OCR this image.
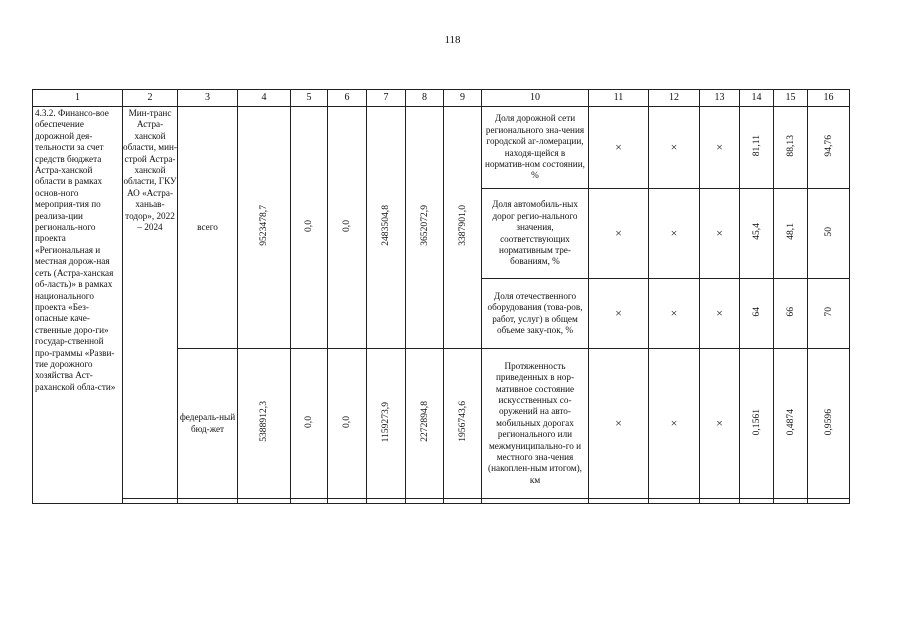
118
1	2	3	4	5	6	7	8	9	10	11	12	13	14	15	16
4.3.2. Финансо-вое обеспечение дорожной дея-тельности за счет средств бюджета Астра-ханской области в рамках основ-ного мероприя-тия по реализа-ции региональ-ного проекта «Региональная и местная дорож-ная сеть (Астра-ханская об-ласть)» в рамках национального проекта «Без-опасные каче-ственные доро-ги» государ-ственной про-граммы «Разви-тие дорожного хозяйства Аст-раханской обла-сти»	Мин-транс Астра-ханской области, мин-строй Астра-ханской области, ГКУ АО «Астра-ханьав-тодор», 2022 – 2024	всего	9523478,7	0,0	0,0	2483504,8	3652072,9	3387901,0	Доля дорожной сети регионального зна-чения городской аг-ломерации, находя-щейся в норматив-ном состоянии, %	×	×	×	81,11	88,13	94,76
									Доля автомобиль-ных дорог регио-нального значения, соответствующих нормативным тре-бованиям, %	×	×	×	45,4	48,1	50
									Доля отечественного оборудования (това-ров, работ, услуг) в общем объеме заку-пок, %	×	×	×	64	66	70
		федераль-ный бюд-жет	5388912,3	0,0	0,0	1159273,9	2272894,8	1956743,6	Протяженность приведенных в нор-мативное состояние искусственных со-оружений на авто-мобильных дорогах регионального или межмуниципально-го и местного зна-чения (накоплен-ным итогом), км	×	×	×	0,1561	0,4874	0,9596
